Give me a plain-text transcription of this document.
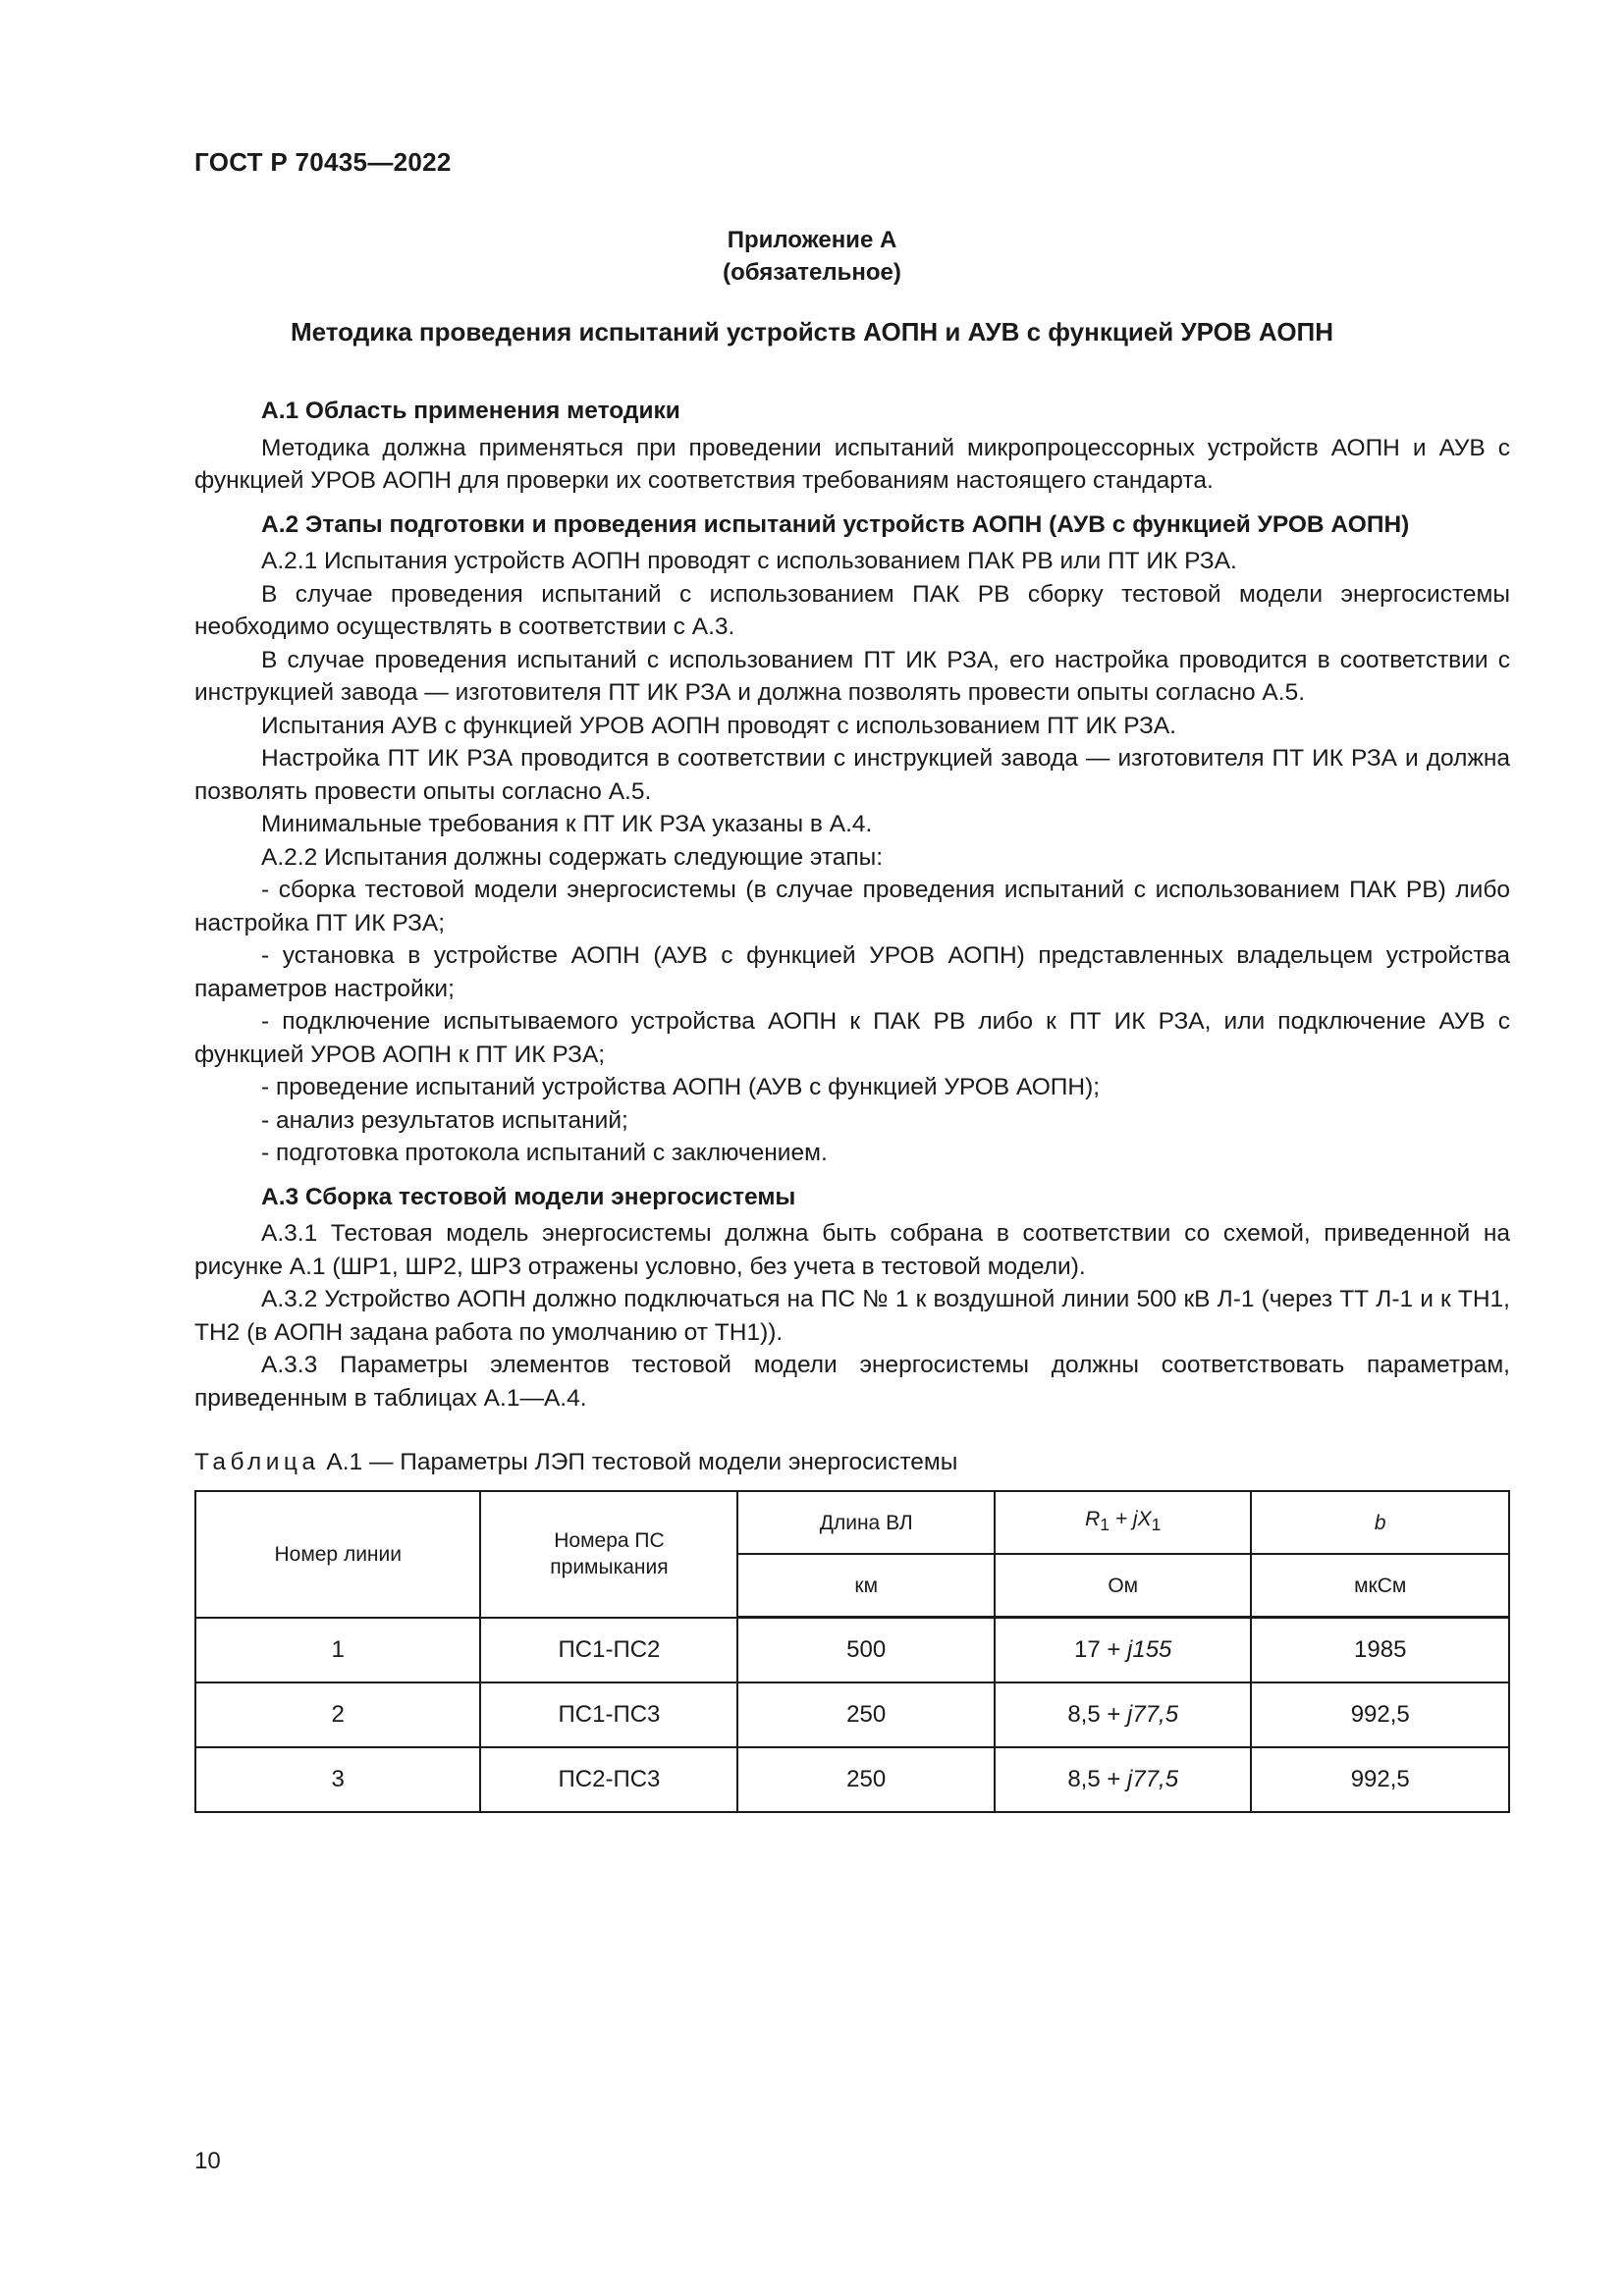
ГОСТ Р 70435—2022
Приложение А
(обязательное)
Методика проведения испытаний устройств АОПН и АУВ с функцией УРОВ АОПН
А.1 Область применения методики

Методика должна применяться при проведении испытаний микропроцессорных устройств АОПН и АУВ с функцией УРОВ АОПН для проверки их соответствия требованиям настоящего стандарта.

А.2 Этапы подготовки и проведения испытаний устройств АОПН (АУВ с функцией УРОВ АОПН)

А.2.1 Испытания устройств АОПН проводят с использованием ПАК РВ или ПТ ИК РЗА.

В случае проведения испытаний с использованием ПАК РВ сборку тестовой модели энергосистемы необходимо осуществлять в соответствии с А.3.

В случае проведения испытаний с использованием ПТ ИК РЗА, его настройка проводится в соответствии с инструкцией завода — изготовителя ПТ ИК РЗА и должна позволять провести опыты согласно А.5.

Испытания АУВ с функцией УРОВ АОПН проводят с использованием ПТ ИК РЗА.

Настройка ПТ ИК РЗА проводится в соответствии с инструкцией завода — изготовителя ПТ ИК РЗА и должна позволять провести опыты согласно А.5.

Минимальные требования к ПТ ИК РЗА указаны в А.4.

А.2.2 Испытания должны содержать следующие этапы:

- сборка тестовой модели энергосистемы (в случае проведения испытаний с использованием ПАК РВ) либо настройка ПТ ИК РЗА;

- установка в устройстве АОПН (АУВ с функцией УРОВ АОПН) представленных владельцем устройства параметров настройки;

- подключение испытываемого устройства АОПН к ПАК РВ либо к ПТ ИК РЗА, или подключение АУВ с функцией УРОВ АОПН к ПТ ИК РЗА;

- проведение испытаний устройства АОПН (АУВ с функцией УРОВ АОПН);

- анализ результатов испытаний;

- подготовка протокола испытаний с заключением.

А.3 Сборка тестовой модели энергосистемы

А.3.1 Тестовая модель энергосистемы должна быть собрана в соответствии со схемой, приведенной на рисунке А.1 (ШР1, ШР2, ШР3 отражены условно, без учета в тестовой модели).

А.3.2 Устройство АОПН должно подключаться на ПС № 1 к воздушной линии 500 кВ Л-1 (через ТТ Л-1 и к ТН1, ТН2 (в АОПН задана работа по умолчанию от ТН1)).

А.3.3 Параметры элементов тестовой модели энергосистемы должны соответствовать параметрам, приведенным в таблицах А.1—А.4.

Таблица А.1 — Параметры ЛЭП тестовой модели энергосистемы
Номер линии	Номера ПС примыкания	Длина ВЛ	$R_1 + jX_1$	b
		км	Ом	мкСм
1	ПС1-ПС2	500	17 + j155	1985
2	ПС1-ПС3	250	8,5 + j77,5	992,5
3	ПС2-ПС3	250	8,5 + j77,5	992,5
10
